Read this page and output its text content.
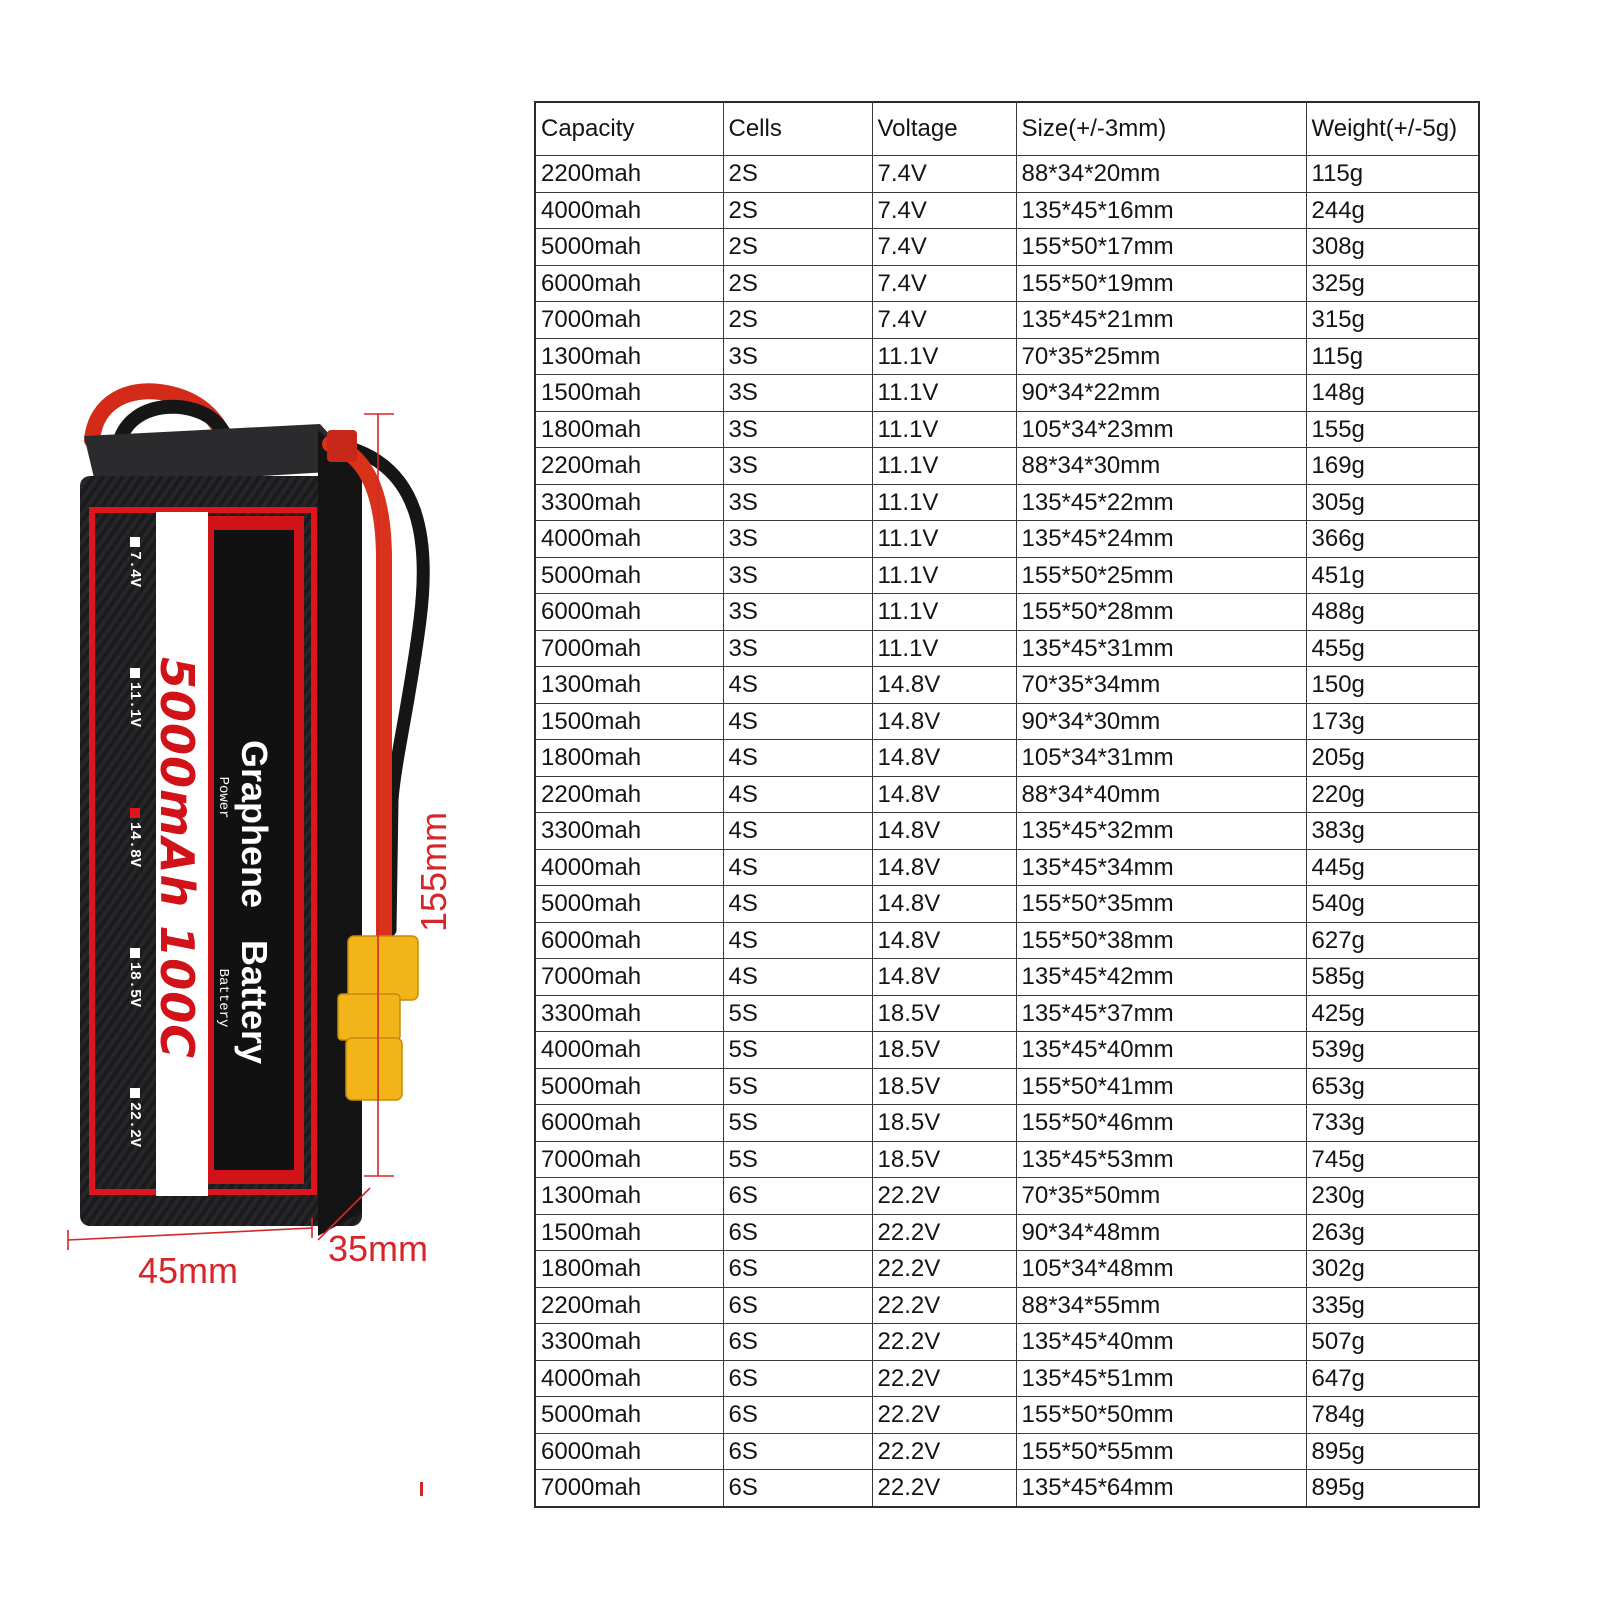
Graphene
Battery
Power
Battery
5000mAh 100C
7.4V
11.1V
14.8V
18.5V
22.2V
155mm
45mm
35mm
Capacity	Cells	Voltage	Size(+/-3mm)	Weight(+/-5g)
2200mah	2S	7.4V	88*34*20mm	115g
4000mah	2S	7.4V	135*45*16mm	244g
5000mah	2S	7.4V	155*50*17mm	308g
6000mah	2S	7.4V	155*50*19mm	325g
7000mah	2S	7.4V	135*45*21mm	315g
1300mah	3S	11.1V	70*35*25mm	115g
1500mah	3S	11.1V	90*34*22mm	148g
1800mah	3S	11.1V	105*34*23mm	155g
2200mah	3S	11.1V	88*34*30mm	169g
3300mah	3S	11.1V	135*45*22mm	305g
4000mah	3S	11.1V	135*45*24mm	366g
5000mah	3S	11.1V	155*50*25mm	451g
6000mah	3S	11.1V	155*50*28mm	488g
7000mah	3S	11.1V	135*45*31mm	455g
1300mah	4S	14.8V	70*35*34mm	150g
1500mah	4S	14.8V	90*34*30mm	173g
1800mah	4S	14.8V	105*34*31mm	205g
2200mah	4S	14.8V	88*34*40mm	220g
3300mah	4S	14.8V	135*45*32mm	383g
4000mah	4S	14.8V	135*45*34mm	445g
5000mah	4S	14.8V	155*50*35mm	540g
6000mah	4S	14.8V	155*50*38mm	627g
7000mah	4S	14.8V	135*45*42mm	585g
3300mah	5S	18.5V	135*45*37mm	425g
4000mah	5S	18.5V	135*45*40mm	539g
5000mah	5S	18.5V	155*50*41mm	653g
6000mah	5S	18.5V	155*50*46mm	733g
7000mah	5S	18.5V	135*45*53mm	745g
1300mah	6S	22.2V	70*35*50mm	230g
1500mah	6S	22.2V	90*34*48mm	263g
1800mah	6S	22.2V	105*34*48mm	302g
2200mah	6S	22.2V	88*34*55mm	335g
3300mah	6S	22.2V	135*45*40mm	507g
4000mah	6S	22.2V	135*45*51mm	647g
5000mah	6S	22.2V	155*50*50mm	784g
6000mah	6S	22.2V	155*50*55mm	895g
7000mah	6S	22.2V	135*45*64mm	895g
